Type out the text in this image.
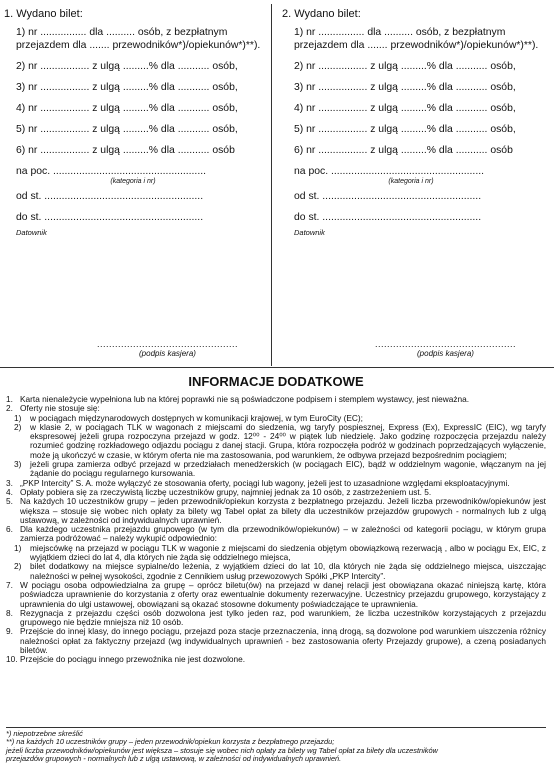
1. Wydano bilet:
1) nr ................ dla .......... osób, z bezpłatnym
przejazdem dla ....... przewodników*)/opiekunów*)**).
2) nr ................. z ulgą .........% dla ........... osób,
3) nr ................. z ulgą .........% dla ........... osób,
4) nr ................. z ulgą .........% dla ........... osób,
5) nr ................. z ulgą .........% dla ........... osób,
6) nr ................. z ulgą .........% dla ........... osób
na poc. .....................................................
(kategoria i nr)
od st. .......................................................
do st. .......................................................
Datownik
...............................................
(podpis kasjera)
2. Wydano bilet:
1) nr ................ dla .......... osób, z bezpłatnym
przejazdem dla ....... przewodników*)/opiekunów*)**).
2) nr ................. z ulgą .........% dla ........... osób,
3) nr ................. z ulgą .........% dla ........... osób,
4) nr ................. z ulgą .........% dla ........... osób,
5) nr ................. z ulgą .........% dla ........... osób,
6) nr ................. z ulgą .........% dla ........... osób
na poc. .....................................................
(kategoria i nr)
od st. .......................................................
do st. .......................................................
Datownik
...............................................
(podpis kasjera)
INFORMACJE DODATKOWE
1. Karta nienależycie wypełniona lub na której poprawki nie są poświadczone podpisem i stemplem wystawcy, jest nieważna.
2. Oferty nie stosuje się:
1) w pociągach międzynarodowych dostępnych w komunikacji krajowej, w tym EuroCity (EC);
2) w klasie 2, w pociągach TLK w wagonach z miejscami do siedzenia, wg taryfy pospiesznej, Express (Ex), ExpressIC (EIC), wg taryfy ekspresowej jeżeli grupa rozpoczyna przejazd w godz. 12⁰⁰ - 24⁰⁰ w piątek lub niedzielę. Jako godzinę rozpoczęcia przejazdu należy rozumieć godzinę rozkładowego odjazdu pociągu z danej stacji. Grupa, która rozpoczęła podróż w godzinach poprzedzających wyłączenie, może ją ukończyć w czasie, w którym oferta nie ma zastosowania, pod warunkiem, że odbywa przejazd bezpośrednim pociągiem;
3) jeżeli grupa zamierza odbyć przejazd w przedziałach menedżerskich (w pociągach EIC), bądź w oddzielnym wagonie, włączanym na jej żądanie do pociągu regularnego kursowania.
3. „PKP Intercity” S. A. może wyłączyć ze stosowania oferty, pociągi lub wagony, jeżeli jest to uzasadnione względami eksploatacyjnymi.
4. Opłaty pobiera się za rzeczywistą liczbę uczestników grupy, najmniej jednak za 10 osób, z zastrzeżeniem ust. 5.
5. Na każdych 10 uczestników grupy – jeden przewodnik/opiekun korzysta z bezpłatnego przejazdu. Jeżeli liczba przewodników/opiekunów jest większa – stosuje się wobec nich opłaty za bilety wg Tabel opłat za bilety dla uczestników przejazdów grupowych - normalnych lub z ulgą ustawową, w zależności od indywidualnych uprawnień.
6. Dla każdego uczestnika przejazdu grupowego (w tym dla przewodników/opiekunów) – w zależności od kategorii pociągu, w którym grupa zamierza podróżować – należy wykupić odpowiednio:
1) miejscówkę na przejazd w pociągu TLK w wagonie z miejscami do siedzenia objętym obowiązkową rezerwacją , albo w pociągu Ex, EIC, z wyjątkiem dzieci do lat 4, dla których nie żąda się oddzielnego miejsca,
2) bilet dodatkowy na miejsce sypialne/do leżenia, z wyjątkiem dzieci do lat 10, dla których nie żąda się oddzielnego miejsca, uiszczając należności w pełnej wysokości, zgodnie z Cennikiem usług przewozowych Spółki „PKP Intercity”.
7. W pociągu osoba odpowiedzialna za grupę – oprócz biletu(ów) na przejazd w danej relacji jest obowiązana okazać niniejszą kartę, która poświadcza uprawnienie do korzystania z oferty oraz ewentualnie dokumenty rezerwacyjne. Uczestnicy przejazdu grupowego, korzystający z uprawnienia do ulgi ustawowej, obowiązani są okazać stosowne dokumenty poświadczające te uprawnienia.
8. Rezygnacja z przejazdu części osób dozwolona jest tylko jeden raz, pod warunkiem, że liczba uczestników korzystających z przejazdu grupowego nie będzie mniejsza niż 10 osób.
9. Przejście do innej klasy, do innego pociągu, przejazd poza stacje przeznaczenia, inną drogą, są dozwolone pod warunkiem uiszczenia różnicy należności opłat za faktyczny przejazd (wg indywidualnych uprawnień - bez zastosowania oferty Przejazdy grupowe), a czeną posiadanych biletów.
10. Przejście do pociągu innego przewoźnika nie jest dozwolone.
*) niepotrzebne skreślić
**) na każdych 10 uczestników grupy – jeden przewodnik/opiekun korzysta z bezpłatnego przejazdu;
jeżeli liczba przewodników/opiekunów jest większa – stosuje się wobec nich opłaty za bilety wg Tabel opłat za bilety dla uczestników
przejazdów grupowych - normalnych lub z ulgą ustawową, w zależności od indywidualnych uprawnień.
